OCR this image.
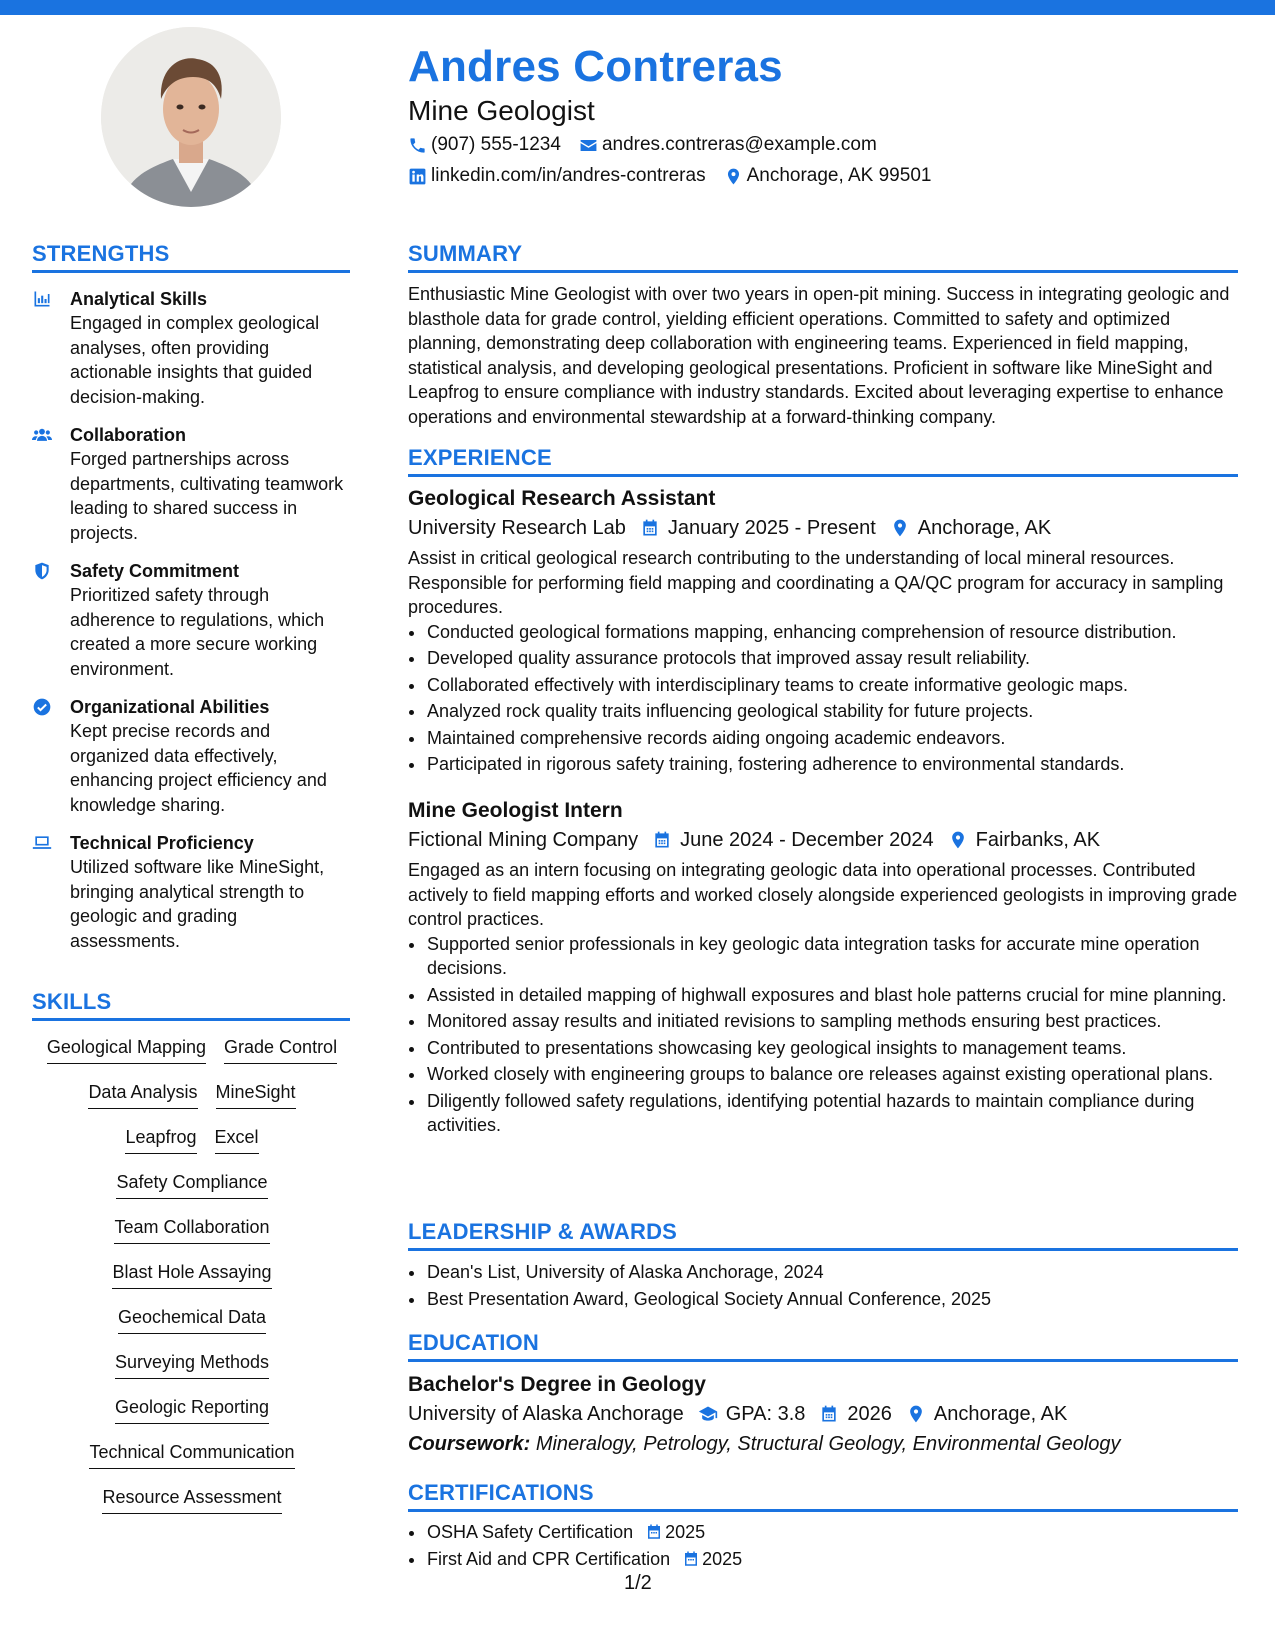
Andres Contreras
Mine Geologist
(907) 555-1234 andres.contreras@example.com
linkedin.com/in/andres-contreras Anchorage, AK 99501
STRENGTHS
Analytical Skills
Engaged in complex geological analyses, often providing actionable insights that guided decision-making.
Collaboration
Forged partnerships across departments, cultivating teamwork leading to shared success in projects.
Safety Commitment
Prioritized safety through adherence to regulations, which created a more secure working environment.
Organizational Abilities
Kept precise records and organized data effectively, enhancing project efficiency and knowledge sharing.
Technical Proficiency
Utilized software like MineSight, bringing analytical strength to geologic and grading assessments.
SKILLS
Geological Mapping Grade Control
Data Analysis MineSight
Leapfrog Excel
Safety Compliance
Team Collaboration
Blast Hole Assaying
Geochemical Data
Surveying Methods
Geologic Reporting
Technical Communication
Resource Assessment
SUMMARY
Enthusiastic Mine Geologist with over two years in open-pit mining. Success in integrating geologic and blasthole data for grade control, yielding efficient operations. Committed to safety and optimized planning, demonstrating deep collaboration with engineering teams. Experienced in field mapping, statistical analysis, and developing geological presentations. Proficient in software like MineSight and Leapfrog to ensure compliance with industry standards. Excited about leveraging expertise to enhance operations and environmental stewardship at a forward-thinking company.
EXPERIENCE
Geological Research Assistant
University Research Lab January 2025 - Present Anchorage, AK
Assist in critical geological research contributing to the understanding of local mineral resources. Responsible for performing field mapping and coordinating a QA/QC program for accuracy in sampling procedures.
• Conducted geological formations mapping, enhancing comprehension of resource distribution.
• Developed quality assurance protocols that improved assay result reliability.
• Collaborated effectively with interdisciplinary teams to create informative geologic maps.
• Analyzed rock quality traits influencing geological stability for future projects.
• Maintained comprehensive records aiding ongoing academic endeavors.
• Participated in rigorous safety training, fostering adherence to environmental standards.
Mine Geologist Intern
Fictional Mining Company June 2024 - December 2024 Fairbanks, AK
Engaged as an intern focusing on integrating geologic data into operational processes. Contributed actively to field mapping efforts and worked closely alongside experienced geologists in improving grade control practices.
• Supported senior professionals in key geologic data integration tasks for accurate mine operation decisions.
• Assisted in detailed mapping of highwall exposures and blast hole patterns crucial for mine planning.
• Monitored assay results and initiated revisions to sampling methods ensuring best practices.
• Contributed to presentations showcasing key geological insights to management teams.
• Worked closely with engineering groups to balance ore releases against existing operational plans.
• Diligently followed safety regulations, identifying potential hazards to maintain compliance during activities.
LEADERSHIP & AWARDS
• Dean's List, University of Alaska Anchorage, 2024
• Best Presentation Award, Geological Society Annual Conference, 2025
EDUCATION
Bachelor's Degree in Geology
University of Alaska Anchorage GPA: 3.8 2026 Anchorage, AK
Coursework: Mineralogy, Petrology, Structural Geology, Environmental Geology
CERTIFICATIONS
• OSHA Safety Certification 2025
• First Aid and CPR Certification 2025
1/2
